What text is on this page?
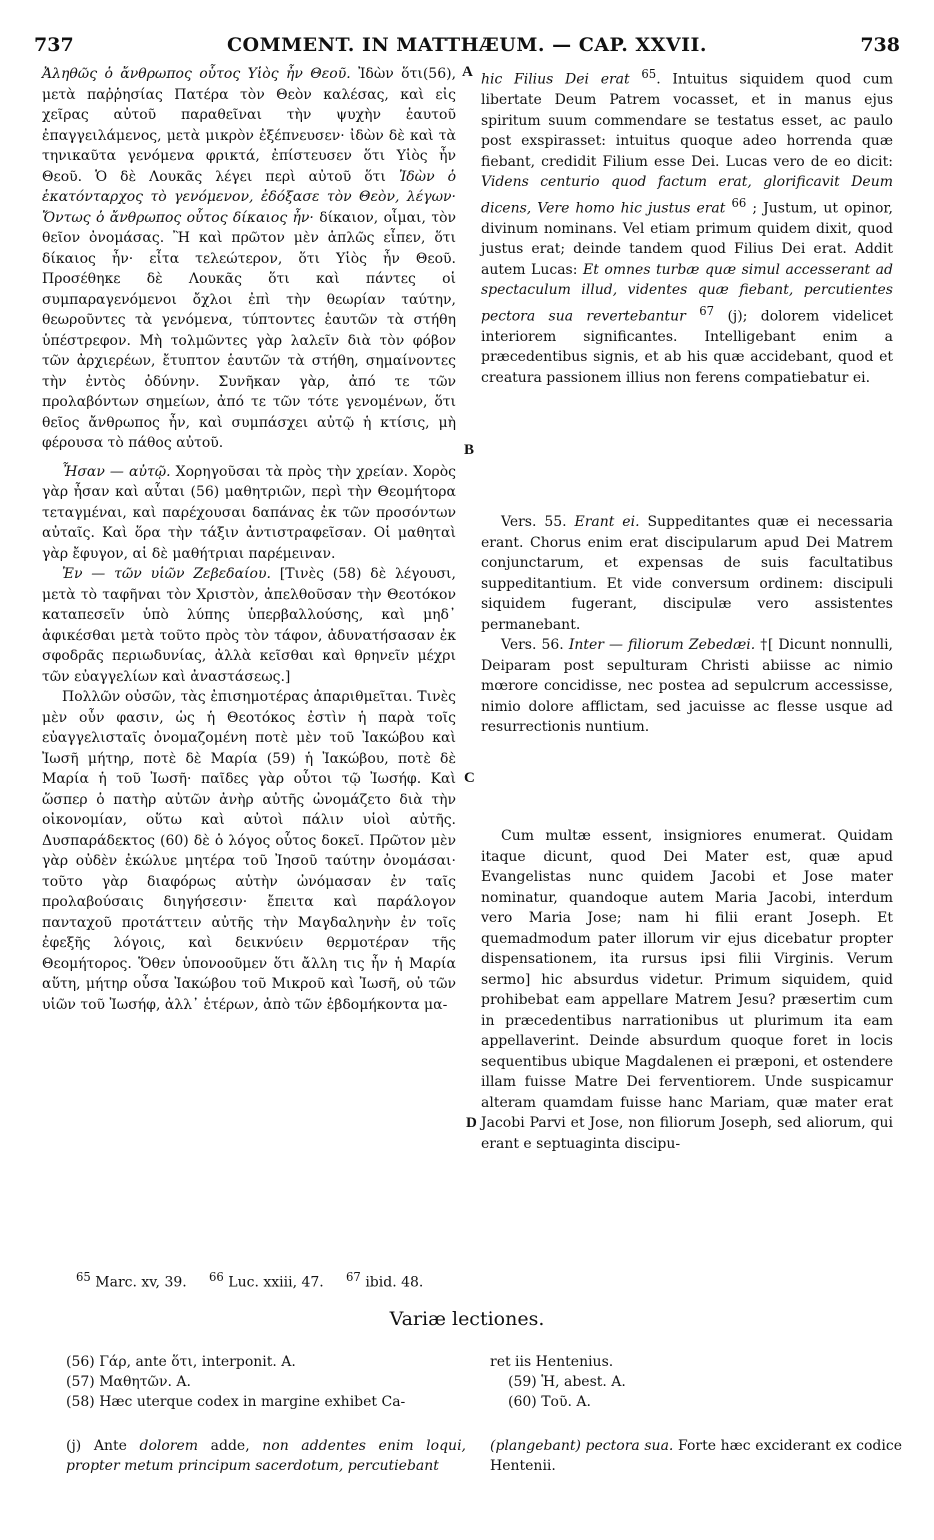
737	COMMENT. IN MATTHÆUM. — CAP. XXVII.	738
A
B
C
D

Ἀληθῶς ὁ ἄνθρωπος οὗτος Υἱὸς ἦν Θεοῦ. Ἰδὼν ὅτι(56), μετὰ παῤῥησίας Πατέρα τὸν Θεὸν καλέσας, καὶ εἰς χεῖρας αὐτοῦ παραθεῖναι τὴν ψυχὴν ἑαυτοῦ ἐπαγγειλάμενος, μετὰ μικρὸν ἐξέπνευσεν· ἰδὼν δὲ καὶ τὰ τηνικαῦτα γενόμενα φρικτά, ἐπίστευσεν ὅτι Υἱὸς ἦν Θεοῦ. Ὁ δὲ Λουκᾶς λέγει περὶ αὐτοῦ ὅτι Ἰδὼν ὁ ἑκατόνταρχος τὸ γενόμενον, ἐδόξασε τὸν Θεὸν, λέγων· Ὄντως ὁ ἄνθρωπος οὗτος δίκαιος ἦν· δίκαιον, οἶμαι, τὸν θεῖον ὀνομάσας. Ἢ καὶ πρῶτον μὲν ἁπλῶς εἶπεν, ὅτι δίκαιος ἦν· εἶτα τελεώτερον, ὅτι Υἱὸς ἦν Θεοῦ. Προσέθηκε δὲ Λουκᾶς ὅτι καὶ πάντες οἱ συμπαραγενόμενοι ὄχλοι ἐπὶ τὴν θεωρίαν ταύτην, θεωροῦντες τὰ γενόμενα, τύπτοντες ἑαυτῶν τὰ στήθη ὑπέστρεφον. Μὴ τολμῶντες γὰρ λαλεῖν διὰ τὸν φόβον τῶν ἀρχιερέων, ἔτυπτον ἑαυτῶν τὰ στήθη, σημαίνοντες τὴν ἐντὸς ὀδύνην. Συνῆκαν γὰρ, ἀπό τε τῶν προλαβόντων σημείων, ἀπό τε τῶν τότε γενομένων, ὅτι θεῖος ἄνθρωπος ἦν, καὶ συμπάσχει αὐτῷ ἡ κτίσις, μὴ φέρουσα τὸ πάθος αὐτοῦ.

Ἦσαν — αὐτῷ. Χορηγοῦσαι τὰ πρὸς τὴν χρείαν. Χορὸς γὰρ ἦσαν καὶ αὗται (56) μαθητριῶν, περὶ τὴν Θεομήτορα τεταγμέναι, καὶ παρέχουσαι δαπάνας ἐκ τῶν προσόντων αὐταῖς. Καὶ ὅρα τὴν τάξιν ἀντιστραφεῖσαν. Οἱ μαθηταὶ γὰρ ἔφυγον, αἱ δὲ μαθήτριαι παρέμειναν.

Ἐν — τῶν υἱῶν Ζεβεδαίου. [Τινὲς (58) δὲ λέγουσι, μετὰ τὸ ταφῆναι τὸν Χριστὸν, ἀπελθοῦσαν τὴν Θεοτόκον καταπεσεῖν ὑπὸ λύπης ὑπερβαλλούσης, καὶ μηδ᾽ ἀφικέσθαι μετὰ τοῦτο πρὸς τὸν τάφον, ἀδυνατήσασαν ἐκ σφοδρᾶς περιωδυνίας, ἀλλὰ κεῖσθαι καὶ θρηνεῖν μέχρι τῶν εὐαγγελίων καὶ ἀναστάσεως.]

Πολλῶν οὐσῶν, τὰς ἐπισημοτέρας ἀπαριθμεῖται. Τινὲς μὲν οὖν φασιν, ὡς ἡ Θεοτόκος ἐστὶν ἡ παρὰ τοῖς εὐαγγελισταῖς ὀνομαζομένη ποτὲ μὲν τοῦ Ἰακώβου καὶ Ἰωσῆ μήτηρ, ποτὲ δὲ Μαρία (59) ἡ Ἰακώβου, ποτὲ δὲ Μαρία ἡ τοῦ Ἰωσῆ· παῖδες γὰρ οὗτοι τῷ Ἰωσήφ. Καὶ ὥσπερ ὁ πατὴρ αὐτῶν ἀνὴρ αὐτῆς ὠνομάζετο διὰ τὴν οἰκονομίαν, οὕτω καὶ αὐτοὶ πάλιν υἱοὶ αὐτῆς. Δυσπαράδεκτος (60) δὲ ὁ λόγος οὗτος δοκεῖ. Πρῶτον μὲν γὰρ οὐδὲν ἐκώλυε μητέρα τοῦ Ἰησοῦ ταύτην ὀνομάσαι· τοῦτο γὰρ διαφόρως αὐτὴν ὠνόμασαν ἐν ταῖς προλαβούσαις διηγήσεσιν· ἔπειτα καὶ παράλογον πανταχοῦ προτάττειν αὐτῆς τὴν Μαγδαληνὴν ἐν τοῖς ἐφεξῆς λόγοις, καὶ δεικνύειν θερμοτέραν τῆς Θεομήτορος. Ὅθεν ὑπονοοῦμεν ὅτι ἄλλη τις ἦν ἡ Μαρία αὕτη, μήτηρ οὖσα Ἰακώβου τοῦ Μικροῦ καὶ Ἰωσῆ, οὐ τῶν υἱῶν τοῦ Ἰωσήφ, ἀλλ᾽ ἑτέρων, ἀπὸ τῶν ἑβδομήκοντα μα-

hic Filius Dei erat $^{65}$. Intuitus siquidem quod cum libertate Deum Patrem vocasset, et in manus ejus spiritum suum commendare se testatus esset, ac paulo post exspirasset: intuitus quoque adeo horrenda quæ fiebant, credidit Filium esse Dei. Lucas vero de eo dicit: Videns centurio quod factum erat, glorificavit Deum dicens, Vere homo hic justus erat $^{66}$ ; Justum, ut opinor, divinum nominans. Vel etiam primum quidem dixit, quod justus erat; deinde tandem quod Filius Dei erat. Addit autem Lucas: Et omnes turbæ quæ simul accesserant ad spectaculum illud, videntes quæ fiebant, percutientes pectora sua revertebantur $^{67}$ (j); dolorem videlicet interiorem significantes. Intelligebant enim a præcedentibus signis, et ab his quæ accidebant, quod et creatura passionem illius non ferens compatiebatur ei.

Vers. 55. Erant ei. Suppeditantes quæ ei necessaria erant. Chorus enim erat discipularum apud Dei Matrem conjunctarum, et expensas de suis facultatibus suppeditantium. Et vide conversum ordinem: discipuli siquidem fugerant, discipulæ vero assistentes permanebant.

Vers. 56. Inter — filiorum Zebedæi. †[ Dicunt nonnulli, Deiparam post sepulturam Christi abiisse ac nimio mœrore concidisse, nec postea ad sepulcrum accessisse, nimio dolore afflictam, sed jacuisse ac flesse usque ad resurrectionis nuntium.

Cum multæ essent, insigniores enumerat. Quidam itaque dicunt, quod Dei Mater est, quæ apud Evangelistas nunc quidem Jacobi et Jose mater nominatur, quandoque autem Maria Jacobi, interdum vero Maria Jose; nam hi filii erant Joseph. Et quemadmodum pater illorum vir ejus dicebatur propter dispensationem, ita rursus ipsi filii Virginis. Verum sermo] hic absurdus videtur. Primum siquidem, quid prohibebat eam appellare Matrem Jesu? præsertim cum in præcedentibus narrationibus ut plurimum ita eam appellaverint. Deinde absurdum quoque foret in locis sequentibus ubique Magdalenen ei præponi, et ostendere illam fuisse Matre Dei ferventiorem. Unde suspicamur alteram quamdam fuisse hanc Mariam, quæ mater erat Jacobi Parvi et Jose, non filiorum Joseph, sed aliorum, qui erant e septuaginta discipu-

$^{65}$ Marc. xv, 39. $^{66}$ Luc. xxiii, 47. $^{67}$ ibid. 48.
Variæ lectiones.

(56) Γάρ, ante ὅτι, interponit. A.

(57) Μαθητῶν. A.

(58) Hæc uterque codex in margine exhibet Ca-

ret iis Hentenius.

(59) Ἡ, abest. A.

(60) Τοῦ. A.

(j) Ante dolorem adde, non addentes enim loqui, propter metum principum sacerdotum, percutiebant
(plangebant) pectora sua. Forte hæc exciderant ex codice Hentenii.
